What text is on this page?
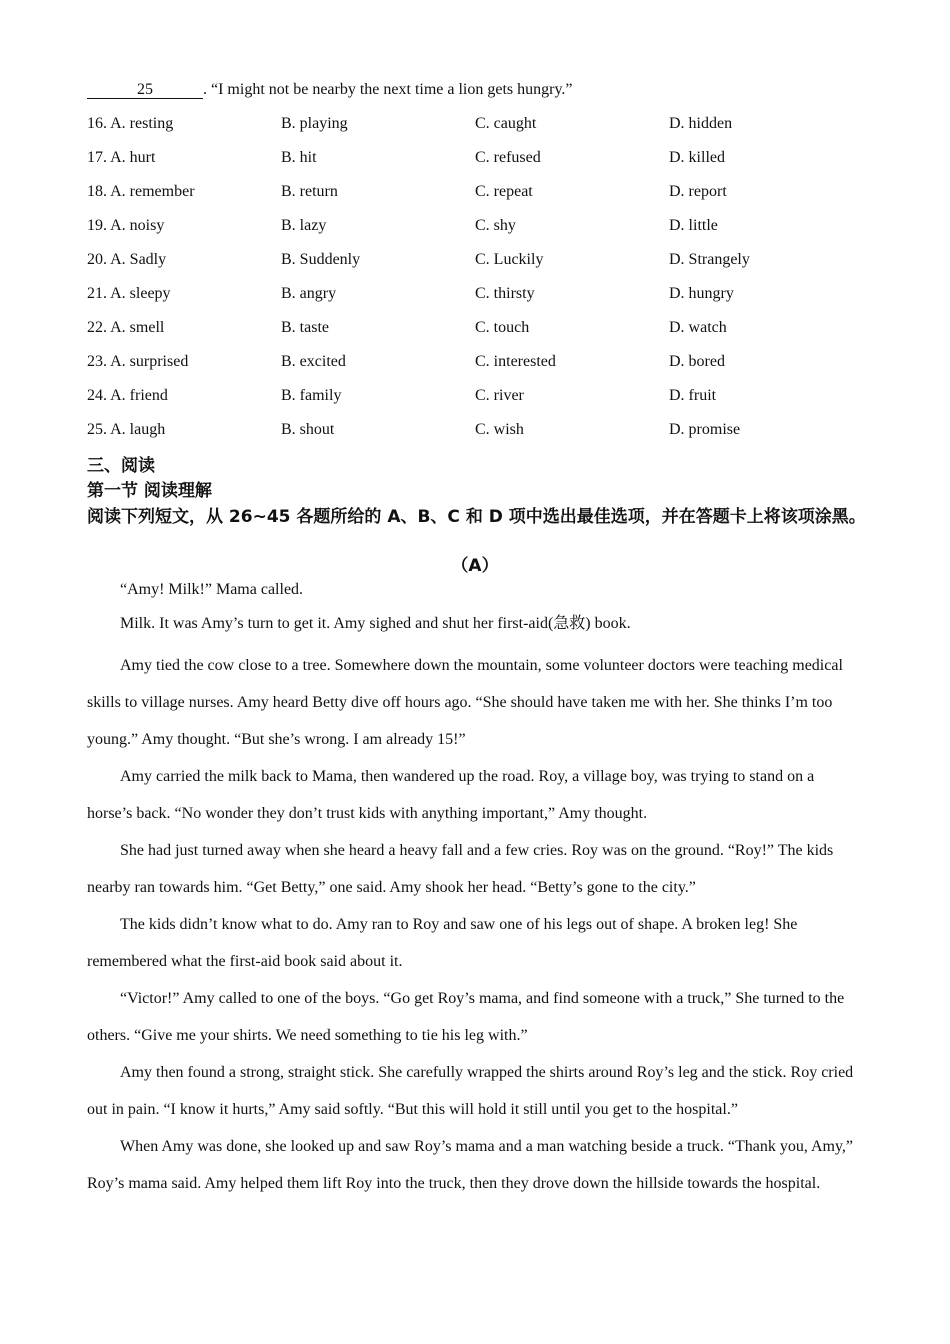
25	. “I might not be nearby the next time a lion gets hungry.”
16. A. resting	B. playing	C. caught	D. hidden
17. A. hurt	B. hit	C. refused	D. killed
18. A. remember	B. return	C. repeat	D. report
19. A. noisy	B. lazy	C. shy	D. little
20. A. Sadly	B. Suddenly	C. Luckily	D. Strangely
21. A. sleepy	B. angry	C. thirsty	D. hungry
22. A. smell	B. taste	C. touch	D. watch
23. A. surprised	B. excited	C. interested	D. bored
24. A. friend	B. family	C. river	D. fruit
25. A. laugh	B. shout	C. wish	D. promise
三、阅读
第一节 阅读理解
阅读下列短文，从 26~45 各题所给的 A、B、C 和 D 项中选出最佳选项，并在答题卡上将该项涂黑。
（A）

“Amy! Milk!” Mama called.

Milk. It was Amy’s turn to get it. Amy sighed and shut her first-aid(急救) book.

Amy tied the cow close to a tree. Somewhere down the mountain, some volunteer doctors were teaching medical skills to village nurses. Amy heard Betty dive off hours ago. “She should have taken me with her. She thinks I’m too young.” Amy thought. “But she’s wrong. I am already 15!”

Amy carried the milk back to Mama, then wandered up the road. Roy, a village boy, was trying to stand on a horse’s back. “No wonder they don’t trust kids with anything important,” Amy thought.

She had just turned away when she heard a heavy fall and a few cries. Roy was on the ground. “Roy!” The kids nearby ran towards him. “Get Betty,” one said. Amy shook her head. “Betty’s gone to the city.”

The kids didn’t know what to do. Amy ran to Roy and saw one of his legs out of shape. A broken leg! She remembered what the first-aid book said about it.

“Victor!” Amy called to one of the boys. “Go get Roy’s mama, and find someone with a truck,” She turned to the others. “Give me your shirts. We need something to tie his leg with.”

Amy then found a strong, straight stick. She carefully wrapped the shirts around Roy’s leg and the stick. Roy cried out in pain. “I know it hurts,” Amy said softly. “But this will hold it still until you get to the hospital.”

When Amy was done, she looked up and saw Roy’s mama and a man watching beside a truck. “Thank you, Amy,” Roy’s mama said. Amy helped them lift Roy into the truck, then they drove down the hillside towards the hospital.
